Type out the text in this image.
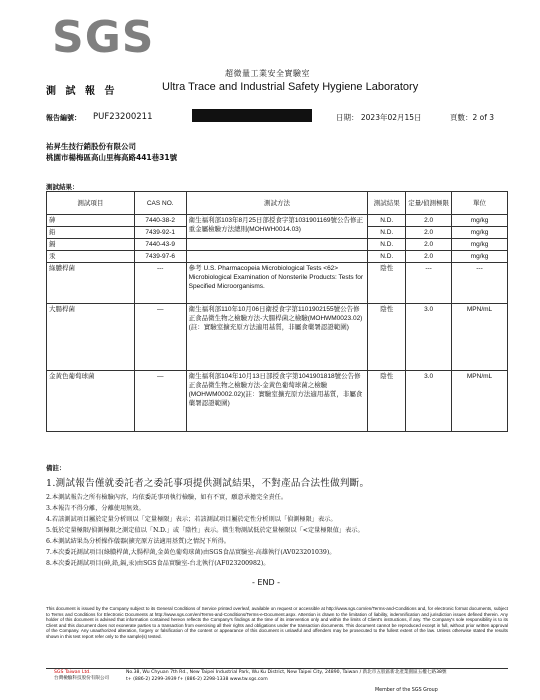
SGS
超微量工業安全實驗室
測 試 報 告	Ultra Trace and Industrial Safety Hygiene Laboratory
報告編號： PUF23200211	日期： 2023年02月15日	頁數：2 of 3
祐昇生技行銷股份有限公司
桃園市楊梅區高山里梅高路441巷31號
測試結果：
測試項目	CAS NO.	測試方法	測試結果	定量/偵測極限	單位
砷	7440-38-2	衛生福利部103年8月25日部授食字第1031901169號公告修正重金屬檢驗方法總則(MOHWH0014.03)	N.D.	2.0	mg/kg
鉛	7439-92-1		N.D.	2.0	mg/kg
鎘	7440-43-9		N.D.	2.0	mg/kg
汞	7439-97-6		N.D.	2.0	mg/kg
綠膿桿菌	---	參考 U.S. Pharmacopeia Microbiological Tests <62> Microbiological Examination of Nonsterile Products: Tests for Specified Microorganisms.	陰性	---	---
大腸桿菌	—	衛生福利部110年10月06日衛授食字第1101902155號公告修正食品微生物之檢驗方法-大腸桿菌之檢驗(MOHWM0023.02)(註：實驗室擴充原方法適用基質，非屬食藥署認證範圍)	陰性	3.0	MPN/mL
金黃色葡萄球菌	—	衛生福利部104年10月13日部授食字第1041901818號公告修正食品微生物之檢驗方法-金黃色葡萄球菌之檢驗(MOHWM0002.02)(註：實驗室擴充原方法適用基質，非屬食藥署認證範圍)	陰性	3.0	MPN/mL
備註：
1.測試報告僅就委託者之委託事項提供測試結果，不對產品合法性做判斷。
2.本測試報告之所有檢驗內容，均依委託事項執行檢驗，如有不實，願意承擔完全責任。
3.本報告不得分離，分離使用無效。
4.若該測試項目屬於定量分析則以「定量極限」表示；若該測試項目屬於定性分析則以「偵測極限」表示。
5.低於定量極限/偵測極限之測定值以「N.D.」或「陰性」表示。微生物測試低於定量極限以「<定量極限值」表示。
6.本測試結果為分析操作儀器(擴充原方法適用基質)之情況下所得。
7.本次委託測試項目(綠膿桿菌,大腸桿菌,金黃色葡萄球菌)由SGS食品實驗室-高雄執行(AV023201039)。
8.本次委託測試項目(砷,鉛,鎘,汞)由SGS食品實驗室-台北執行(AF023200982)。
- END -
This document is issued by the Company subject to its General Conditions of Service printed overleaf, available on request or accessible at http://www.sgs.com/en/Terms-and-Conditions and, for electronic format documents, subject to Terms and Conditions for Electronic Documents at http://www.sgs.com/en/Terms-and-Conditions/Terms-e-Document.aspx. Attention is drawn to the limitation of liability, indemnification and jurisdiction issues defined therein. Any holder of this document is advised that information contained hereon reflects the Company's findings at the time of its intervention only and within the limits of Client's instructions, if any. The Company's sole responsibility is to its Client and this document does not exonerate parties to a transaction from exercising all their rights and obligations under the transaction documents. This document cannot be reproduced except in full, without prior written approval of the Company. Any unauthorized alteration, forgery or falsification of the content or appearance of this document is unlawful and offenders may be prosecuted to the fullest extent of the law. Unless otherwise stated the results shown in this test report refer only to the sample(s) tested.
SGS Taiwan Ltd.
台灣檢驗科技股份有限公司
No.38, Wu Chyuan 7th Rd., New Taipei Industrial Park, Wu Ku District, New Taipei City, 24890, Taiwan / 新北市五股區新北產業園區五權七路38號
t+ (886-2) 2299-3939 f+ (886-2) 2298-1338 www.tw.sgs.com
Member of the SGS Group
